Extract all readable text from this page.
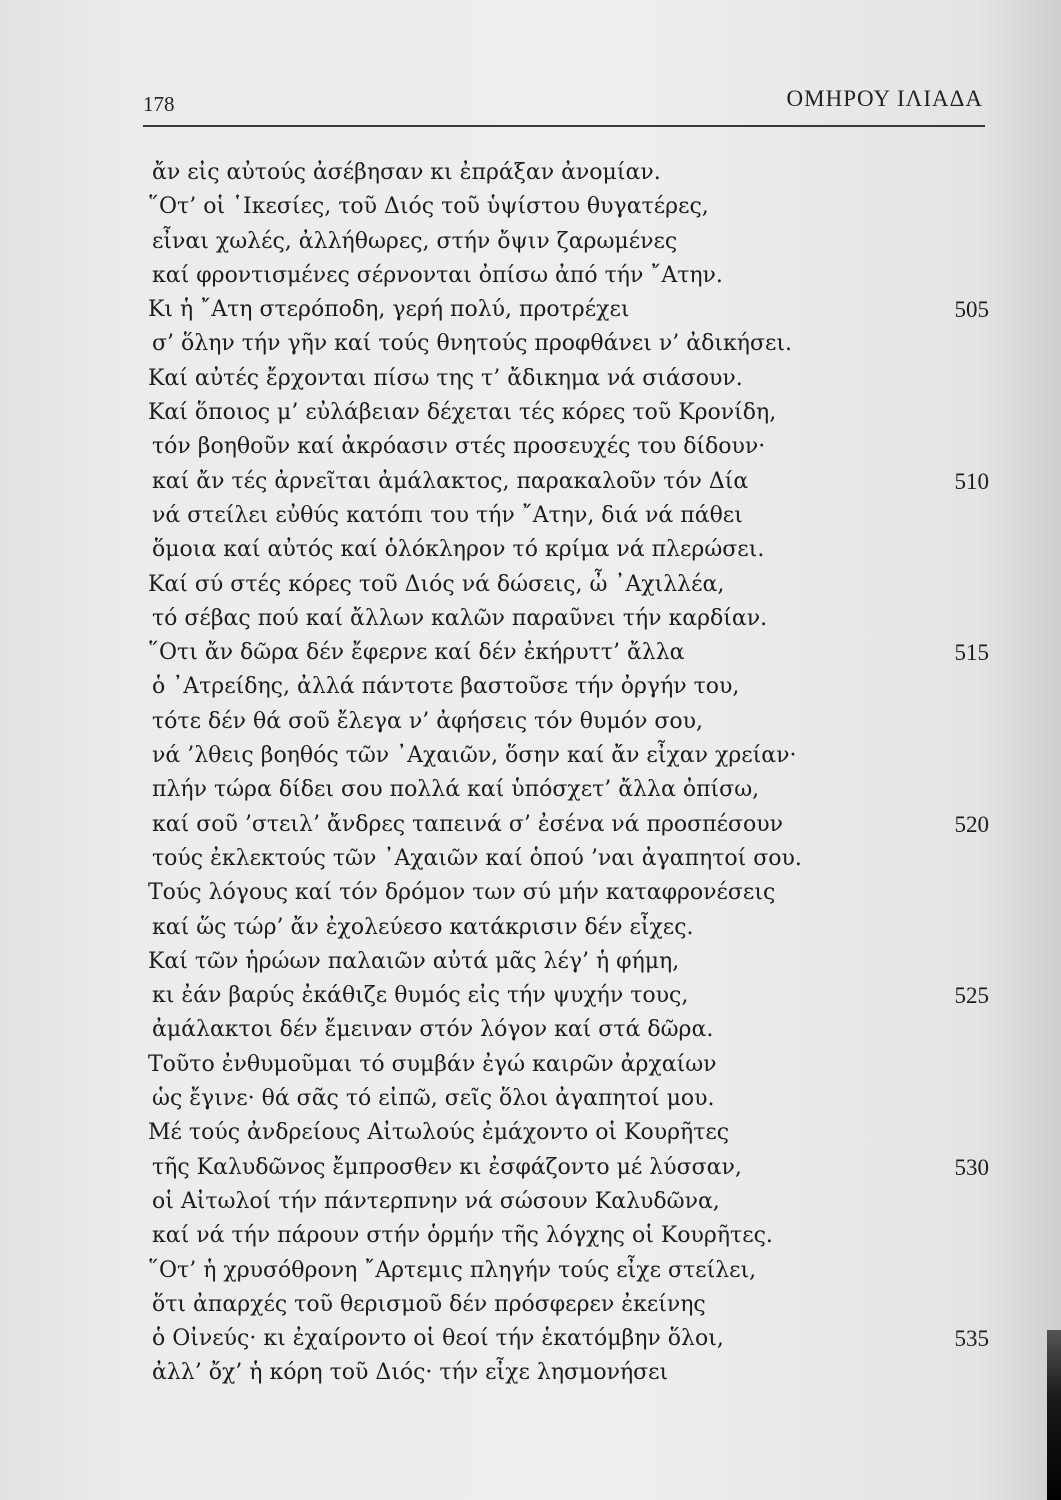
178	ΟΜΗΡΟΥ ΙΛΙΑΔΑ
ἄν εἰς αὐτούς ἀσέβησαν κι ἐπράξαν ἀνομίαν.
῞Οτ’ οἱ ῾Ικεσίες, τοῦ Διός τοῦ ὑψίστου θυγατέρες,
εἶναι χωλές, ἀλλήθωρες, στήν ὄψιν ζαρωμένες
καί φροντισμένες σέρνονται ὀπίσω ἀπό τήν ῎Ατην.
Κι ἡ ῎Ατη στερόποδη, γερή πολύ, προτρέχει	505
σ’ ὅλην τήν γῆν καί τούς θνητούς προφθάνει ν’ ἀδικήσει.
Καί αὐτές ἔρχονται πίσω της τ’ ἄδικημα νά σιάσουν.
Καί ὅποιος μ’ εὐλάβειαν δέχεται τές κόρες τοῦ Κρονίδη,
τόν βοηθοῦν καί ἀκρόασιν στές προσευχές του δίδουν·
καί ἄν τές ἀρνεῖται ἀμάλακτος, παρακαλοῦν τόν Δία	510
νά στείλει εὐθύς κατόπι του τήν ῎Ατην, διά νά πάθει
ὅμοια καί αὐτός καί ὁλόκληρον τό κρίμα νά πλερώσει.
Καί σύ στές κόρες τοῦ Διός νά δώσεις, ὦ ᾿Αχιλλέα,
τό σέβας πού καί ἄλλων καλῶν παραῦνει τήν καρδίαν.
῞Οτι ἄν δῶρα δέν ἔφερνε καί δέν ἐκήρυττ’ ἄλλα	515
ὁ ᾿Ατρείδης, ἀλλά πάντοτε βαστοῦσε τήν ὀργήν του,
τότε δέν θά σοῦ ἔλεγα ν’ ἀφήσεις τόν θυμόν σου,
νά ’λθεις βοηθός τῶν ᾿Αχαιῶν, ὅσην καί ἄν εἶχαν χρείαν·
πλήν τώρα δίδει σου πολλά καί ὑπόσχετ’ ἄλλα ὀπίσω,
καί σοῦ ’στειλ’ ἄνδρες ταπεινά σ’ ἐσένα νά προσπέσουν	520
τούς ἐκλεκτούς τῶν ᾿Αχαιῶν καί ὁπού ’ναι ἀγαπητοί σου.
Τούς λόγους καί τόν δρόμον των σύ μήν καταφρονέσεις
καί ὥς τώρ’ ἄν ἐχολεύεσο κατάκρισιν δέν εἶχες.
Καί τῶν ἡρώων παλαιῶν αὐτά μᾶς λέγ’ ἡ φήμη,
κι ἐάν βαρύς ἐκάθιζε θυμός εἰς τήν ψυχήν τους,	525
ἀμάλακτοι δέν ἔμειναν στόν λόγον καί στά δῶρα.
Τοῦτο ἐνθυμοῦμαι τό συμβάν ἐγώ καιρῶν ἀρχαίων
ὡς ἔγινε· θά σᾶς τό εἰπῶ, σεῖς ὅλοι ἀγαπητοί μου.
Μέ τούς ἀνδρείους Αἰτωλούς ἐμάχοντο οἱ Κουρῆτες
τῆς Καλυδῶνος ἔμπροσθεν κι ἐσφάζοντο μέ λύσσαν,	530
οἱ Αἰτωλοί τήν πάντερπνην νά σώσουν Καλυδῶνα,
καί νά τήν πάρουν στήν ὁρμήν τῆς λόγχης οἱ Κουρῆτες.
῞Οτ’ ἡ χρυσόθρονη ῎Αρτεμις πληγήν τούς εἶχε στείλει,
ὅτι ἀπαρχές τοῦ θερισμοῦ δέν πρόσφερεν ἐκείνης
ὁ Οἰνεύς· κι ἐχαίροντο οἱ θεοί τήν ἑκατόμβην ὅλοι,	535
ἀλλ’ ὄχ’ ἡ κόρη τοῦ Διός· τήν εἶχε λησμονήσει
